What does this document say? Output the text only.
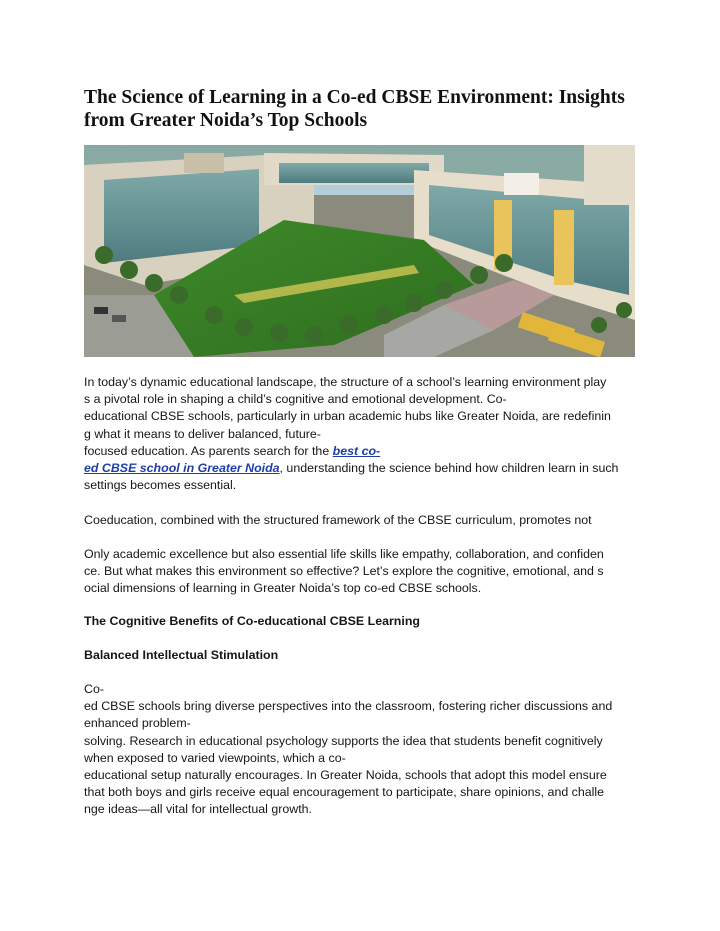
The Science of Learning in a Co-ed CBSE Environment: Insights
from Greater Noida’s Top Schools
In today’s dynamic educational landscape, the structure of a school’s learning environment play
s a pivotal role in shaping a child’s cognitive and emotional development. Co-
educational CBSE schools, particularly in urban academic hubs like Greater Noida, are redefinin
g what it means to deliver balanced, future-
focused education. As parents search for the best co-
ed CBSE school in Greater Noida, understanding the science behind how children learn in such
settings becomes essential.
Coeducation, combined with the structured framework of the CBSE curriculum, promotes not
Only academic excellence but also essential life skills like empathy, collaboration, and confiden
ce. But what makes this environment so effective? Let’s explore the cognitive, emotional, and s
ocial dimensions of learning in Greater Noida’s top co-ed CBSE schools.
The Cognitive Benefits of Co-educational CBSE Learning
Balanced Intellectual Stimulation
Co-
ed CBSE schools bring diverse perspectives into the classroom, fostering richer discussions and
enhanced problem-
solving. Research in educational psychology supports the idea that students benefit cognitively
when exposed to varied viewpoints, which a co-
educational setup naturally encourages. In Greater Noida, schools that adopt this model ensure
that both boys and girls receive equal encouragement to participate, share opinions, and challe
nge ideas—all vital for intellectual growth.
